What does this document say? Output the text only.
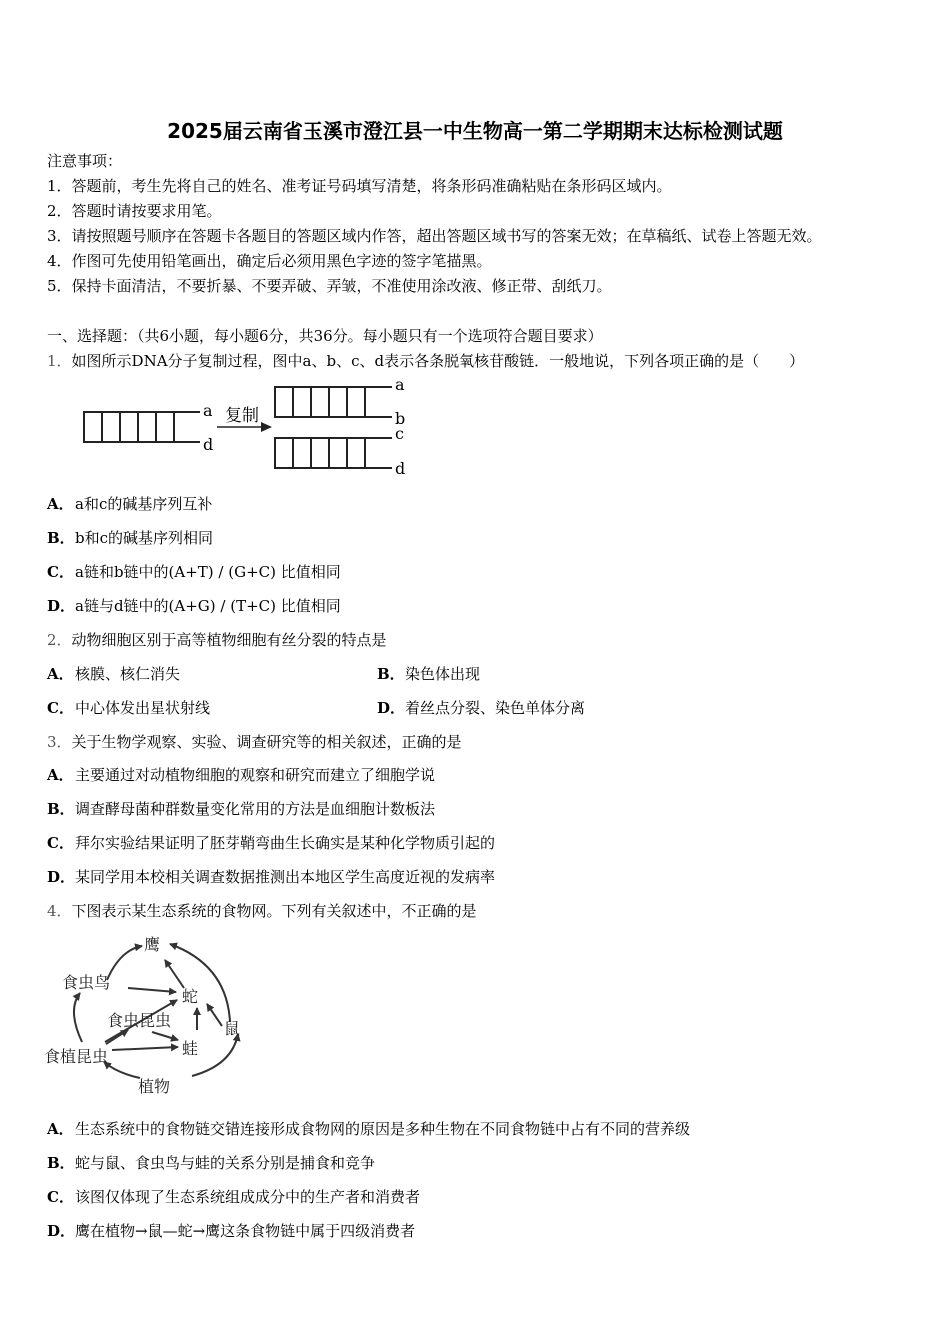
2025届云南省玉溪市澄江县一中生物高一第二学期期末达标检测试题
注意事项：
1．答题前，考生先将自己的姓名、准考证号码填写清楚，将条形码准确粘贴在条形码区域内。
2．答题时请按要求用笔。
3．请按照题号顺序在答题卡各题目的答题区域内作答，超出答题区域书写的答案无效；在草稿纸、试卷上答题无效。
4．作图可先使用铅笔画出，确定后必须用黑色字迹的签字笔描黑。
5．保持卡面清洁，不要折暴、不要弄破、弄皱，不准使用涂改液、修正带、刮纸刀。
一、选择题：（共6小题，每小题6分，共36分。每小题只有一个选项符合题目要求）
1．如图所示DNA分子复制过程，图中a、b、c、d表示各条脱氧核苷酸链．一般地说，下列各项正确的是（　　）
复制
a
d
a
b
c
d
A．a和c的碱基序列互补
B．b和c的碱基序列相同
C．a链和b链中的(A+T) / (G+C) 比值相同
D．a链与d链中的(A+G) / (T+C) 比值相同
2．动物细胞区别于高等植物细胞有丝分裂的特点是
A．核膜、核仁消失	B．染色体出现
C．中心体发出星状射线	D．着丝点分裂、染色单体分离
3．关于生物学观察、实验、调查研究等的相关叙述，正确的是
A．主要通过对动植物细胞的观察和研究而建立了细胞学说
B．调查酵母菌种群数量变化常用的方法是血细胞计数板法
C．拜尔实验结果证明了胚芽鞘弯曲生长确实是某种化学物质引起的
D．某同学用本校相关调查数据推测出本地区学生高度近视的发病率
4．下图表示某生态系统的食物网。下列有关叙述中，不正确的是
鹰
食虫鸟
蛇
鼠
食虫昆虫
蛙
食植昆虫
植物
A．生态系统中的食物链交错连接形成食物网的原因是多种生物在不同食物链中占有不同的营养级
B．蛇与鼠、食虫鸟与蛙的关系分别是捕食和竞争
C．该图仅体现了生态系统组成成分中的生产者和消费者
D．鹰在植物→鼠—蛇→鹰这条食物链中属于四级消费者
